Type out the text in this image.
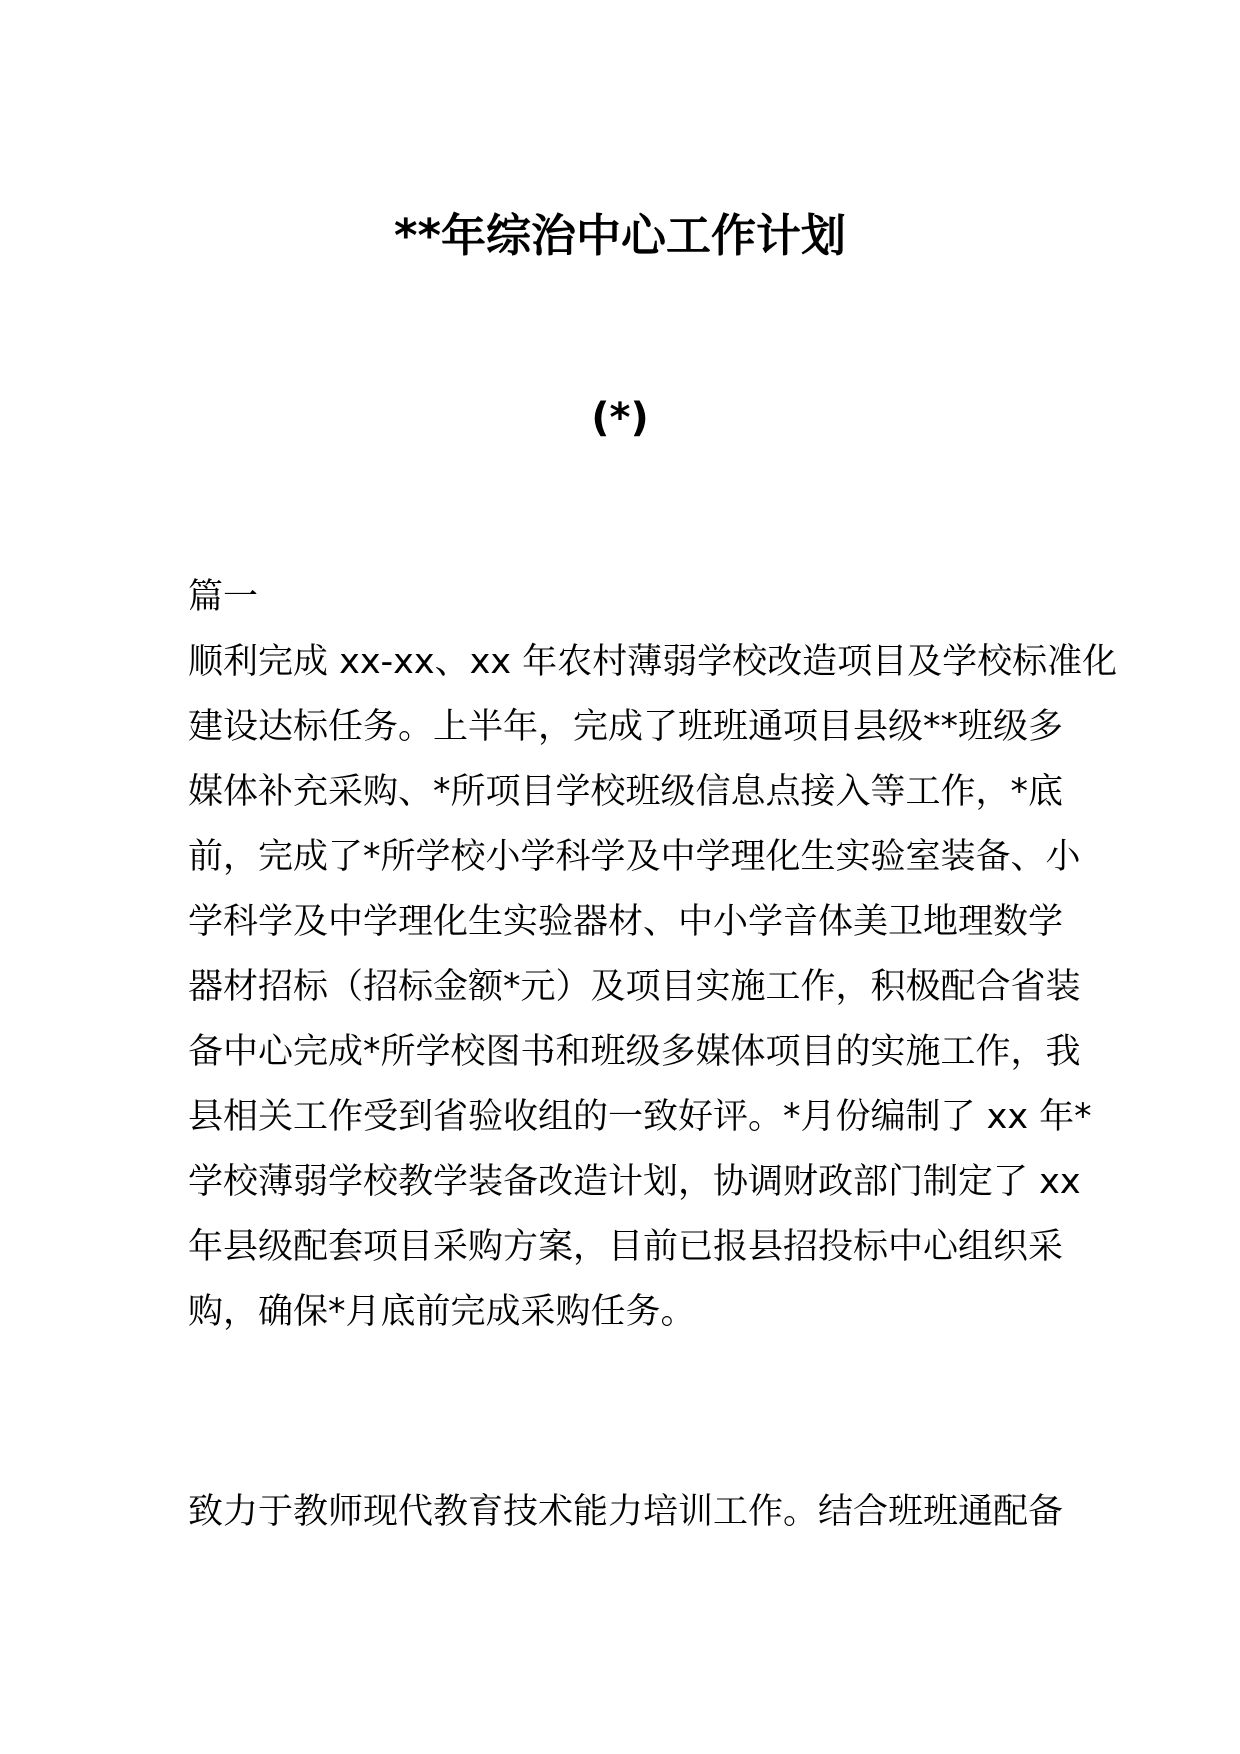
**年综治中心工作计划
(*)
篇一
顺利完成 xx-xx、xx 年农村薄弱学校改造项目及学校标准化
建设达标任务。上半年，完成了班班通项目县级**班级多
媒体补充采购、*所项目学校班级信息点接入等工作，*底
前，完成了*所学校小学科学及中学理化生实验室装备、小
学科学及中学理化生实验器材、中小学音体美卫地理数学
器材招标（招标金额*元）及项目实施工作，积极配合省装
备中心完成*所学校图书和班级多媒体项目的实施工作，我
县相关工作受到省验收组的一致好评。*月份编制了 xx 年*
学校薄弱学校教学装备改造计划，协调财政部门制定了 xx
年县级配套项目采购方案，目前已报县招投标中心组织采
购，确保*月底前完成采购任务。
致力于教师现代教育技术能力培训工作。结合班班通配备
